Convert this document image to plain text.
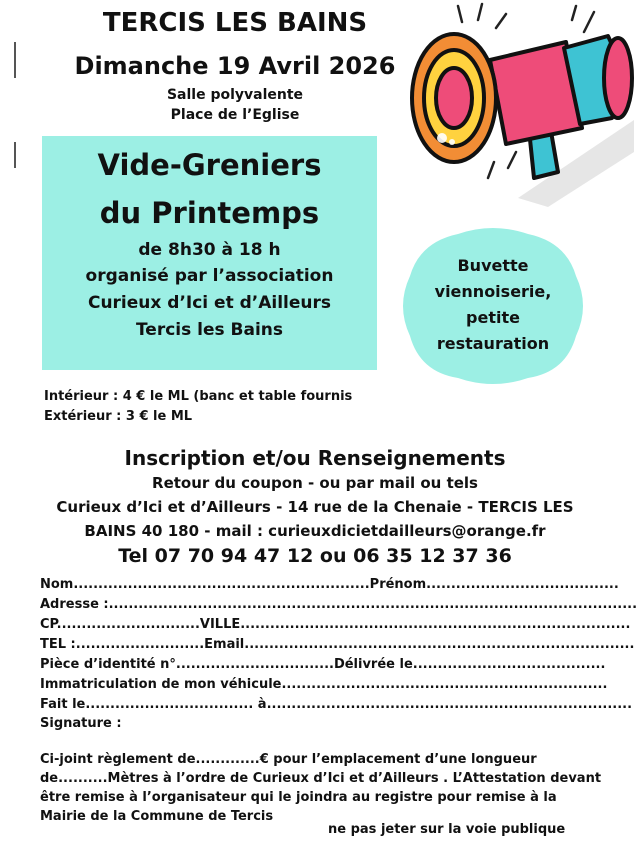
TERCIS LES BAINS
Dimanche 19 Avril 2026
Salle polyvalente
Place de l’Eglise
Vide-Greniers
du Printemps
de 8h30 à 18 h
organisé par l’association
Curieux d’Ici et d’Ailleurs
Tercis les Bains
Buvette
viennoiserie,
petite
restauration
Intérieur : 4 € le ML (banc et table fournis
Extérieur : 3 € le ML
Inscription et/ou Renseignements
Retour du coupon - ou par mail ou tels
Curieux d’Ici et d’Ailleurs - 14 rue de la Chenaie - TERCIS LES
BAINS 40 180 - mail : curieuxdicietdailleurs@orange.fr
Tel 07 70 94 47 12 ou 06 35 12 37 36
Nom............................................................Prénom.......................................
Adresse :...........................................................................................................
CP.............................VILLE...............................................................................
TEL :..........................Email...............................................................................
Pièce d’identité n°................................Délivrée le.......................................
Immatriculation de mon véhicule..................................................................
Fait le.................................. à..........................................................................
Signature :
Ci-joint règlement de.............€ pour l’emplacement d’une longueur
de..........Mètres à l’ordre de Curieux d’Ici et d’Ailleurs . L’Attestation devant
être remise à l’organisateur qui le joindra au registre pour remise à la
Mairie de la Commune de Tercis
ne pas jeter sur la voie publique
